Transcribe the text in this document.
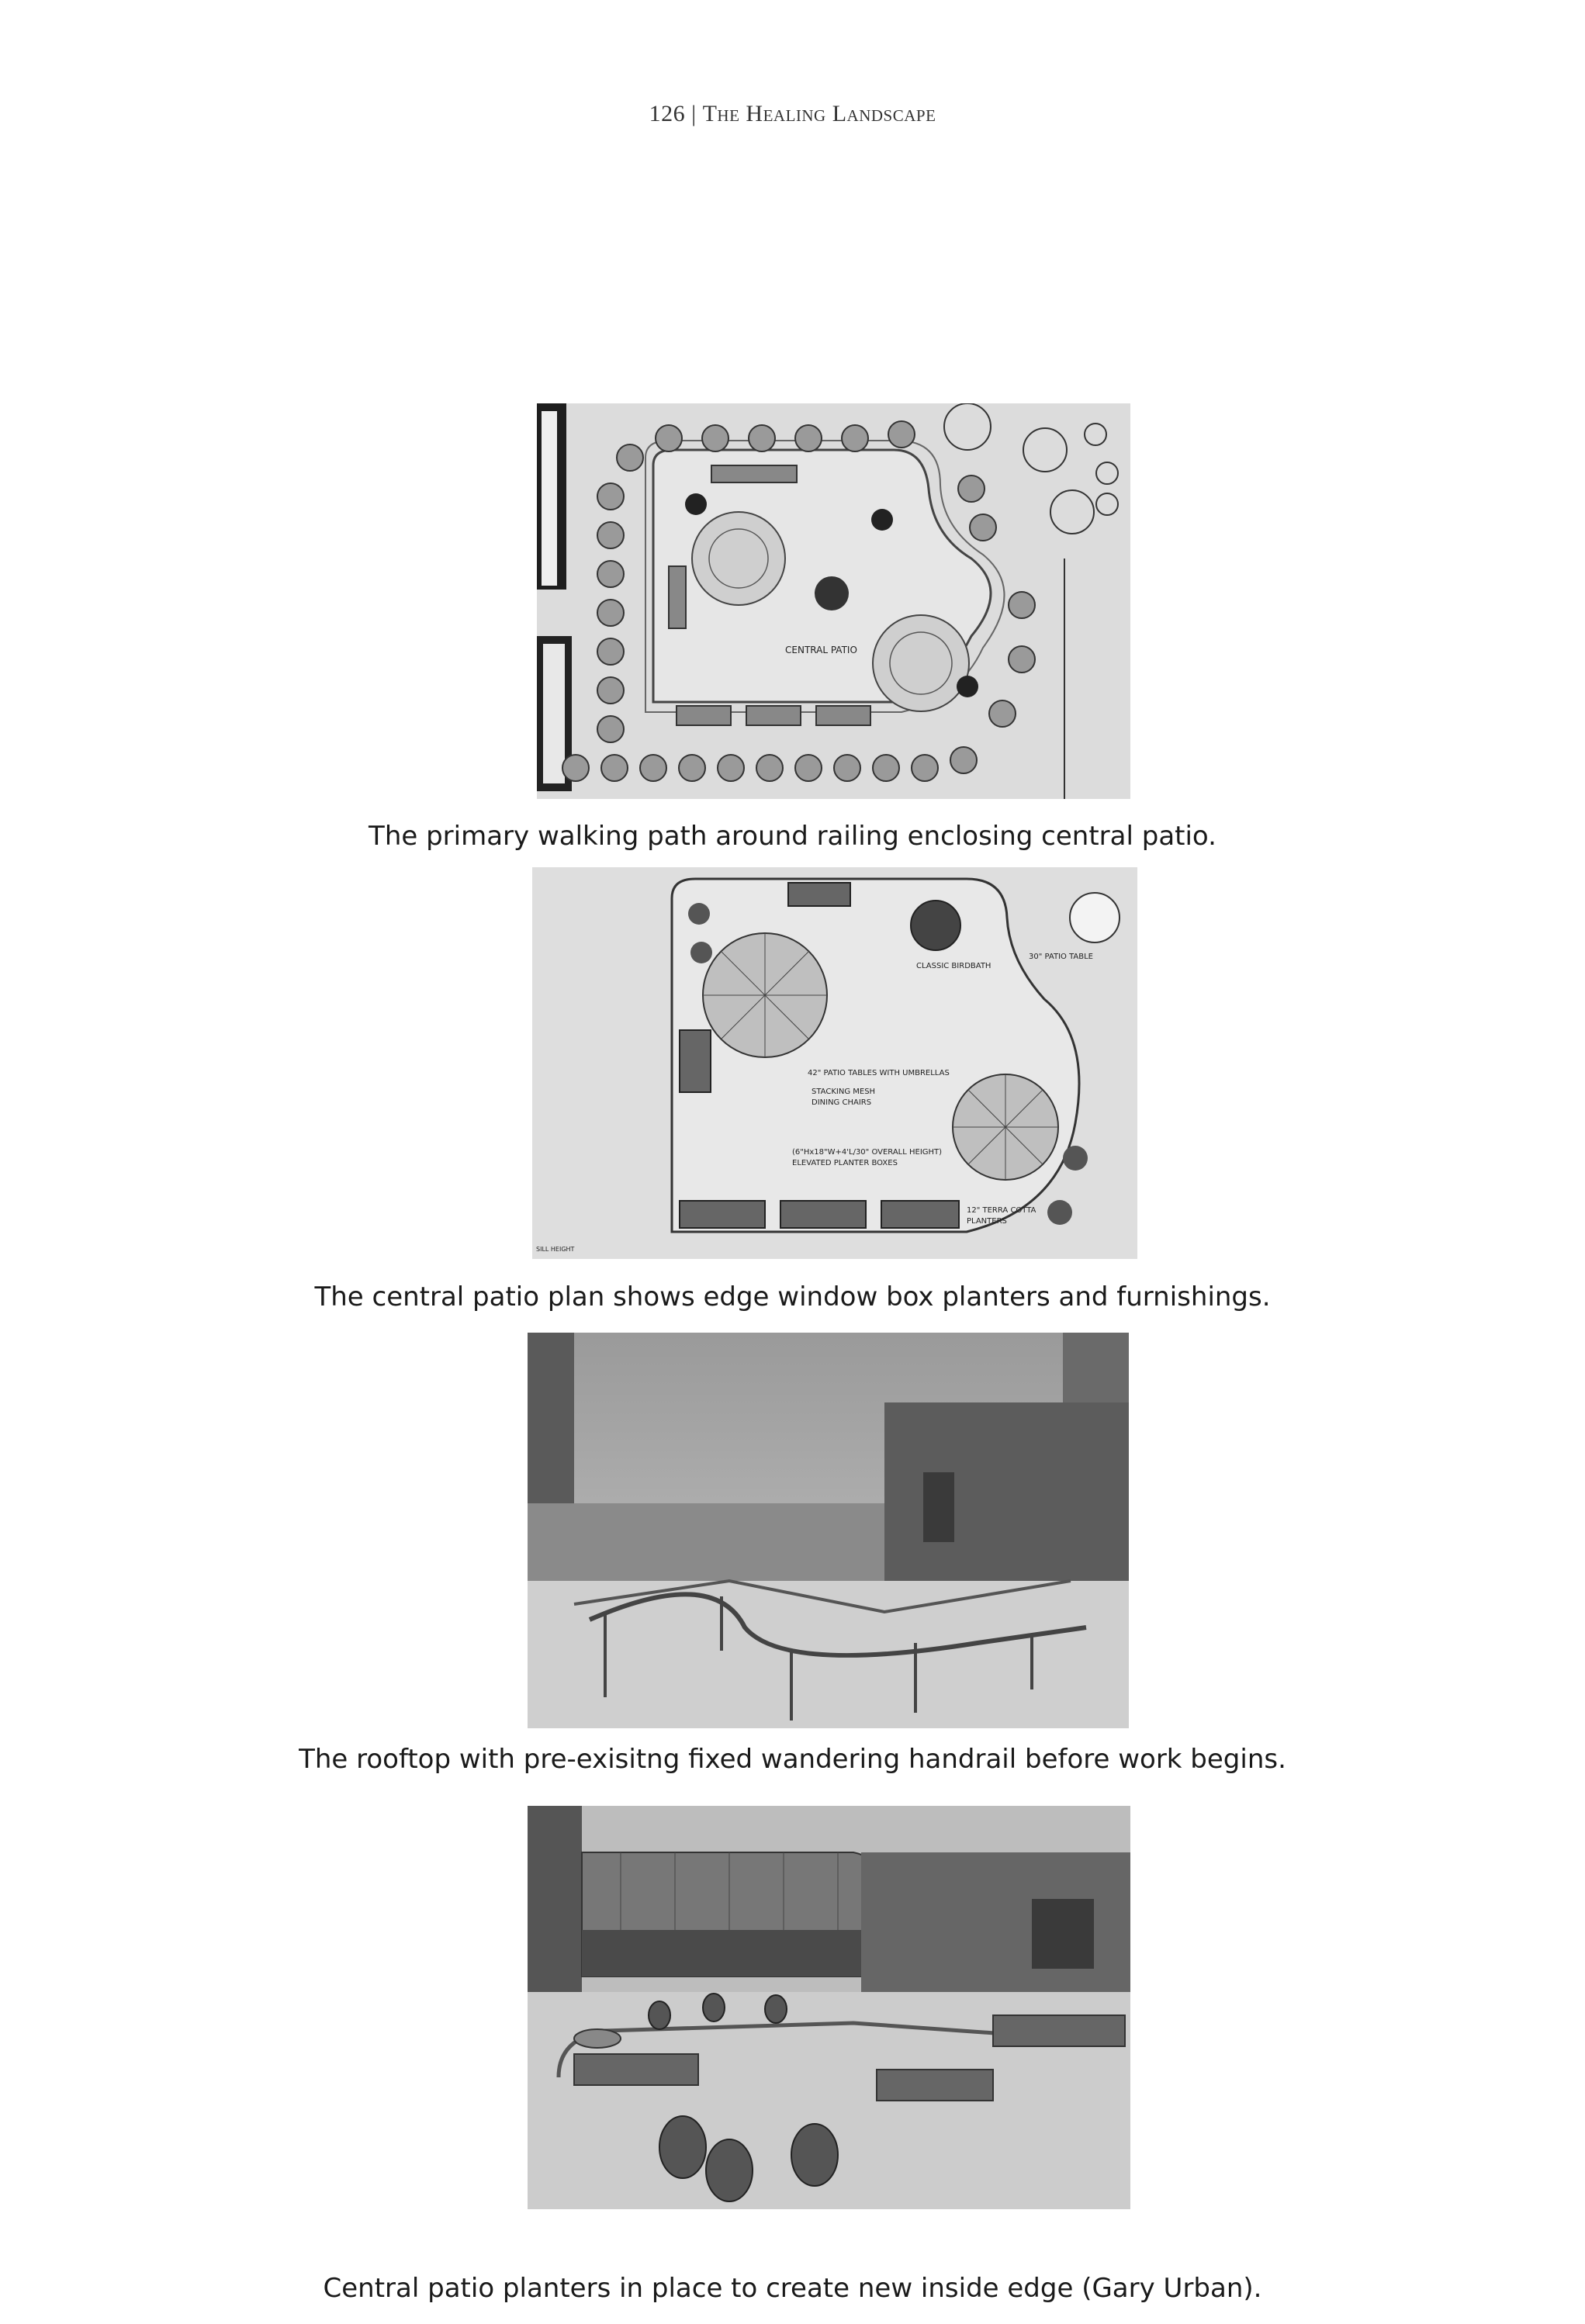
126 | The Healing Landscape
CENTRAL PATIO
The primary walking path around railing enclosing central patio.
CLASSIC BIRDBATH
30" PATIO TABLE
42" PATIO TABLES WITH UMBRELLAS
STACKING MESH
DINING CHAIRS
(6"Hx18"W+4'L/30" OVERALL HEIGHT)
ELEVATED PLANTER BOXES
12" TERRA COTTA
PLANTERS
SILL HEIGHT
The central patio plan shows edge window box planters and furnishings.
The rooftop with pre-exisitng fixed wandering handrail before work begins.
Central patio planters in place to create new inside edge (Gary Urban).
